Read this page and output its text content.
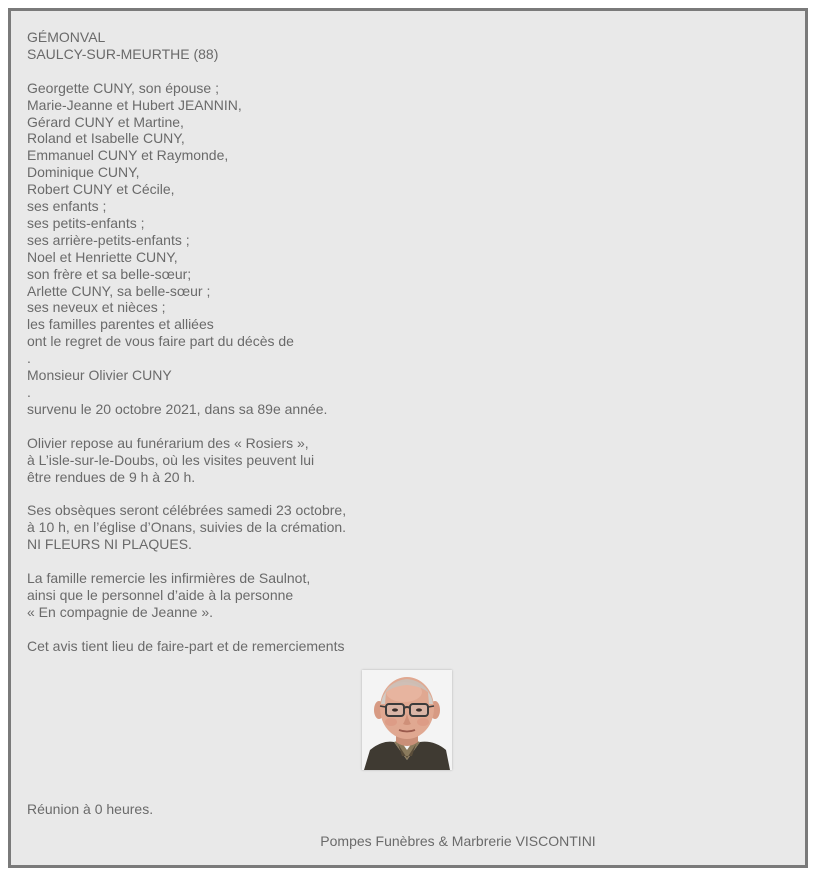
GÉMONVAL
SAULCY-SUR-MEURTHE (88)
Georgette CUNY, son épouse ;
Marie-Jeanne et Hubert JEANNIN,
Gérard CUNY et Martine,
Roland et Isabelle CUNY,
Emmanuel CUNY et Raymonde,
Dominique CUNY,
Robert CUNY et Cécile,
ses enfants ;
ses petits-enfants ;
ses arrière-petits-enfants ;
Noel et Henriette CUNY,
son frère et sa belle-sœur;
Arlette CUNY, sa belle-sœur ;
ses neveux et nièces ;
les familles parentes et alliées
ont le regret de vous faire part du décès de
.
Monsieur Olivier CUNY
.
survenu le 20 octobre 2021, dans sa 89e année.
Olivier repose au funérarium des « Rosiers »,
à L’isle-sur-le-Doubs, où les visites peuvent lui
être rendues de 9 h à 20 h.
Ses obsèques seront célébrées samedi 23 octobre,
à 10 h, en l’église d’Onans, suivies de la crémation.
NI FLEURS NI PLAQUES.
La famille remercie les infirmières de Saulnot,
ainsi que le personnel d’aide à la personne
« En compagnie de Jeanne ».
Cet avis tient lieu de faire-part et de remerciements
Réunion à 0 heures.
Pompes Funèbres & Marbrerie VISCONTINI
